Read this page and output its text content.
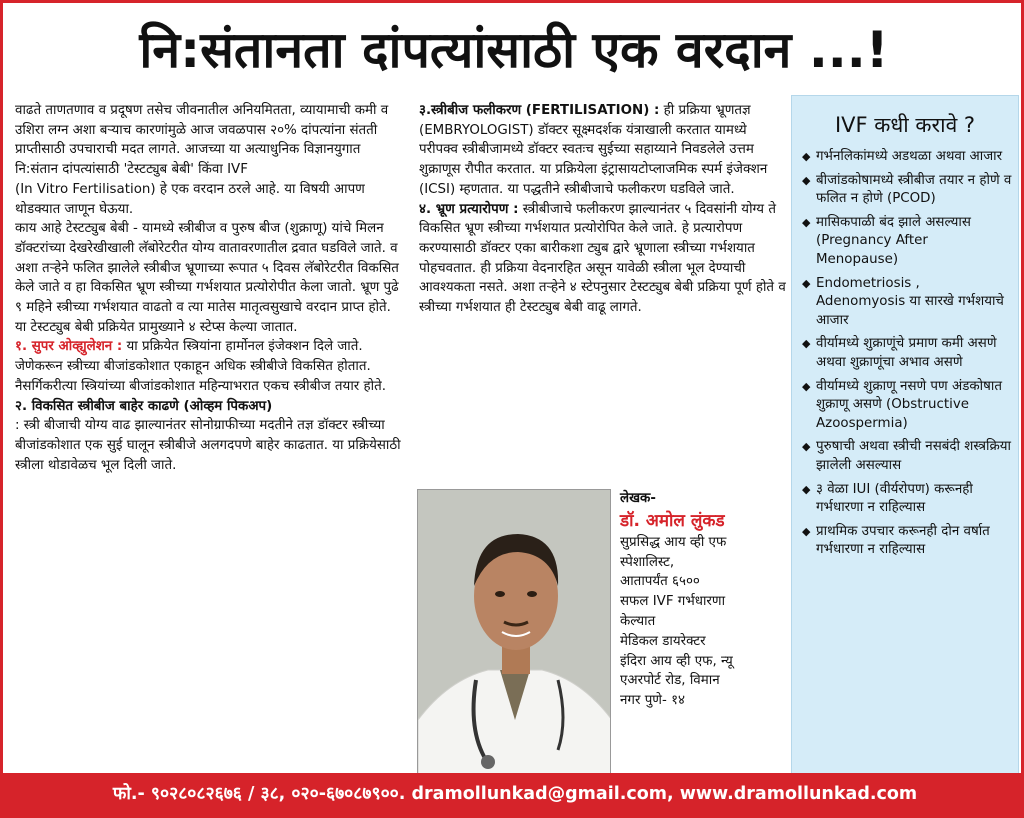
नि:संतानता दांपत्यांसाठी एक वरदान ...!

वाढते ताणतणाव व प्रदूषण तसेच जीवनातील अनियमितता, व्यायामाची कमी व उशिरा लग्न अशा बऱ्याच कारणांमुळे आज जवळपास २०% दांपत्यांना संतती प्राप्तीसाठी उपचाराची मदत लागते. आजच्या या अत्याधुनिक विज्ञानयुगात नि:संतान दांपत्यांसाठी 'टेस्टट्युब बेबी' किंवा IVF

(In Vitro Fertilisation) हे एक वरदान ठरले आहे. या विषयी आपण थोडक्यात जाणून घेऊया.

काय आहे टेस्टट्युब बेबी - यामध्ये स्त्रीबीज व पुरुष बीज (शुक्राणू) यांचे मिलन डॉक्टरांच्या देखरेखीखाली लॅबोरेटरीत योग्य वातावरणातील द्रवात घडविले जाते. व अशा तऱ्हेने फलित झालेले स्त्रीबीज भ्रूणाच्या रूपात ५ दिवस लॅबोरेटरीत विकसित केले जाते व हा विकसित भ्रूण स्त्रीच्या गर्भशयात प्रत्योरोपीत केला जातो. भ्रूण पुढे ९ महिने स्त्रीच्या गर्भशयात वाढतो व त्या मातेस मातृत्वसुखाचे वरदान प्राप्त होते. या टेस्टट्युब बेबी प्रक्रियेत प्रामुख्याने ४ स्टेप्स केल्या जातात.

१. सुपर ओव्ह्युलेशन : या प्रक्रियेत स्त्रियांना हार्मोनल इंजेक्शन दिले जाते. जेणेकरून स्त्रीच्या बीजांडकोशात एकाहून अधिक स्त्रीबीजे विकसित होतात. नैसर्गिकरीत्या स्त्रियांच्या बीजांडकोशात महिन्याभरात एकच स्त्रीबीज तयार होते.

२. विकसित स्त्रीबीज बाहेर काढणे (ओव्हम पिकअप)

: स्त्री बीजाची योग्य वाढ झाल्यानंतर सोनोग्राफीच्या मदतीने तज्ञ डॉक्टर स्त्रीच्या बीजांडकोशात एक सुई घालून स्त्रीबीजे अलगदपणे बाहेर काढतात. या प्रक्रियेसाठी स्त्रीला थोडावेळच भूल दिली जाते.

३.स्त्रीबीज फलीकरण (FERTILISATION) : ही प्रक्रिया भ्रूणतज्ञ (EMBRYOLOGIST) डॉक्टर सूक्ष्मदर्शक यंत्राखाली करतात यामध्ये परीपक्व स्त्रीबीजामध्ये डॉक्टर स्वतःच सुईच्या सहाय्याने निवडलेले उत्तम शुक्राणूस रौपीत करतात. या प्रक्रियेला इंट्रासायटोप्लाजमिक स्पर्म इंजेक्शन (ICSI) म्हणतात. या पद्धतीने स्त्रीबीजाचे फलीकरण घडविले जाते.

४. भ्रूण प्रत्यारोपण : स्त्रीबीजाचे फलीकरण झाल्यानंतर ५ दिवसांनी योग्य ते विकसित भ्रूण स्त्रीच्या गर्भशयात प्रत्योरोपित केले जाते. हे प्रत्यारोपण करण्यासाठी डॉक्टर एका बारीकशा ट्युब द्वारे भ्रूणाला स्त्रीच्या गर्भशयात पोहचवतात. ही प्रक्रिया वेदनारहित असून यावेळी स्त्रीला भूल देण्याची आवश्यकता नसते. अशा तऱ्हेने ४ स्टेपनुसार टेस्टट्युब बेबी प्रक्रिया पूर्ण होते व स्त्रीच्या गर्भशयात ही टेस्टट्युब बेबी वाढू लागते.

लेखक-
डॉ. अमोल लुंकड
सुप्रसिद्ध आय व्ही एफ
स्पेशालिस्ट,
आतापर्यंत ६५००
सफल IVF गर्भधारणा
केल्यात
मेडिकल डायरेक्टर
इंदिरा आय व्ही एफ, न्यू
एअरपोर्ट रोड, विमान
नगर पुणे- १४
IVF कधी करावे ?
◆ गर्भनलिकांमध्ये अडथळा अथवा आजार
◆ बीजांडकोषामध्ये स्त्रीबीज तयार न होणे व फलित न होणे (PCOD)
◆ मासिकपाळी बंद झाले असल्यास (Pregnancy After Menopause)
◆ Endometriosis , Adenomyosis या सारखे गर्भशयाचे आजार
◆ वीर्यामध्ये शुक्राणूंचे प्रमाण कमी असणे अथवा शुक्राणूंचा अभाव असणे
◆ वीर्यामध्ये शुक्राणू नसणे पण अंडकोषात शुक्राणू असणे (Obstructive Azoospermia)
◆ पुरुषाची अथवा स्त्रीची नसबंदी शस्त्रक्रिया झालेली असल्यास
◆ ३ वेळा IUI (वीर्यरोपण) करूनही गर्भधारणा न राहिल्यास
◆ प्राथमिक उपचार करूनही दोन वर्षात गर्भधारणा न राहिल्यास
फो.- ९०२८०८२६७६ / ३८, ०२०-६७०८७९००. dramollunkad@gmail.com, www.dramollunkad.com
